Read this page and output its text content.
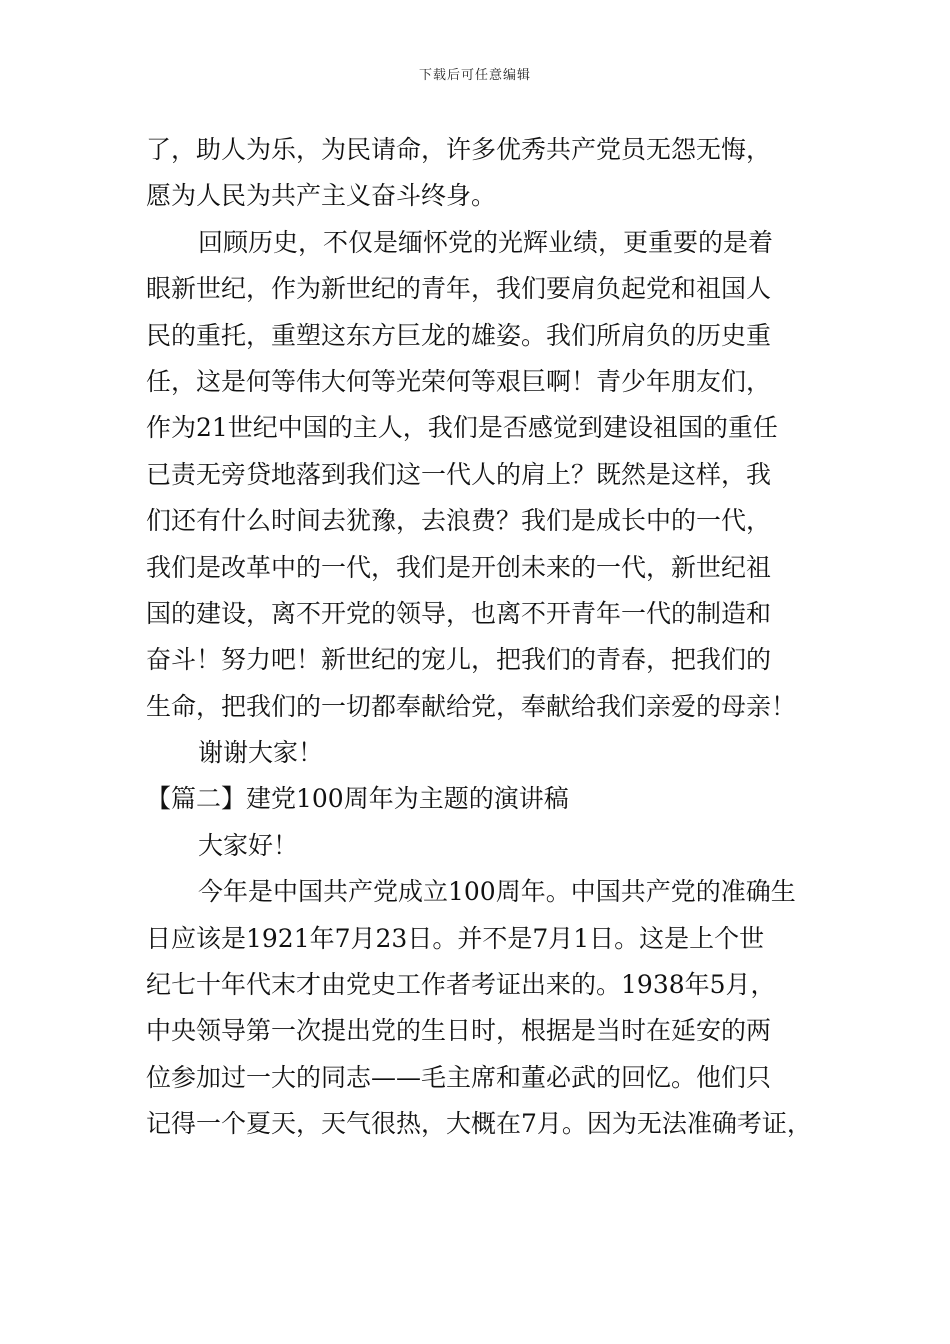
下载后可任意编辑
了，助人为乐，为民请命，许多优秀共产党员无怨无悔，
愿为人民为共产主义奋斗终身。
回顾历史，不仅是缅怀党的光辉业绩，更重要的是着
眼新世纪，作为新世纪的青年，我们要肩负起党和祖国人
民的重托，重塑这东方巨龙的雄姿。我们所肩负的历史重
任，这是何等伟大何等光荣何等艰巨啊！青少年朋友们，
作为21世纪中国的主人，我们是否感觉到建设祖国的重任
已责无旁贷地落到我们这一代人的肩上？既然是这样，我
们还有什么时间去犹豫，去浪费？我们是成长中的一代，
我们是改革中的一代，我们是开创未来的一代，新世纪祖
国的建设，离不开党的领导，也离不开青年一代的制造和
奋斗！努力吧！新世纪的宠儿，把我们的青春，把我们的
生命，把我们的一切都奉献给党，奉献给我们亲爱的母亲！
谢谢大家！
【篇二】建党100周年为主题的演讲稿
大家好！
今年是中国共产党成立100周年。中国共产党的准确生
日应该是1921年7月23日。并不是7月1日。这是上个世
纪七十年代末才由党史工作者考证出来的。1938年5月，
中央领导第一次提出党的生日时，根据是当时在延安的两
位参加过一大的同志——毛主席和董必武的回忆。他们只
记得一个夏天，天气很热，大概在7月。因为无法准确考证，
